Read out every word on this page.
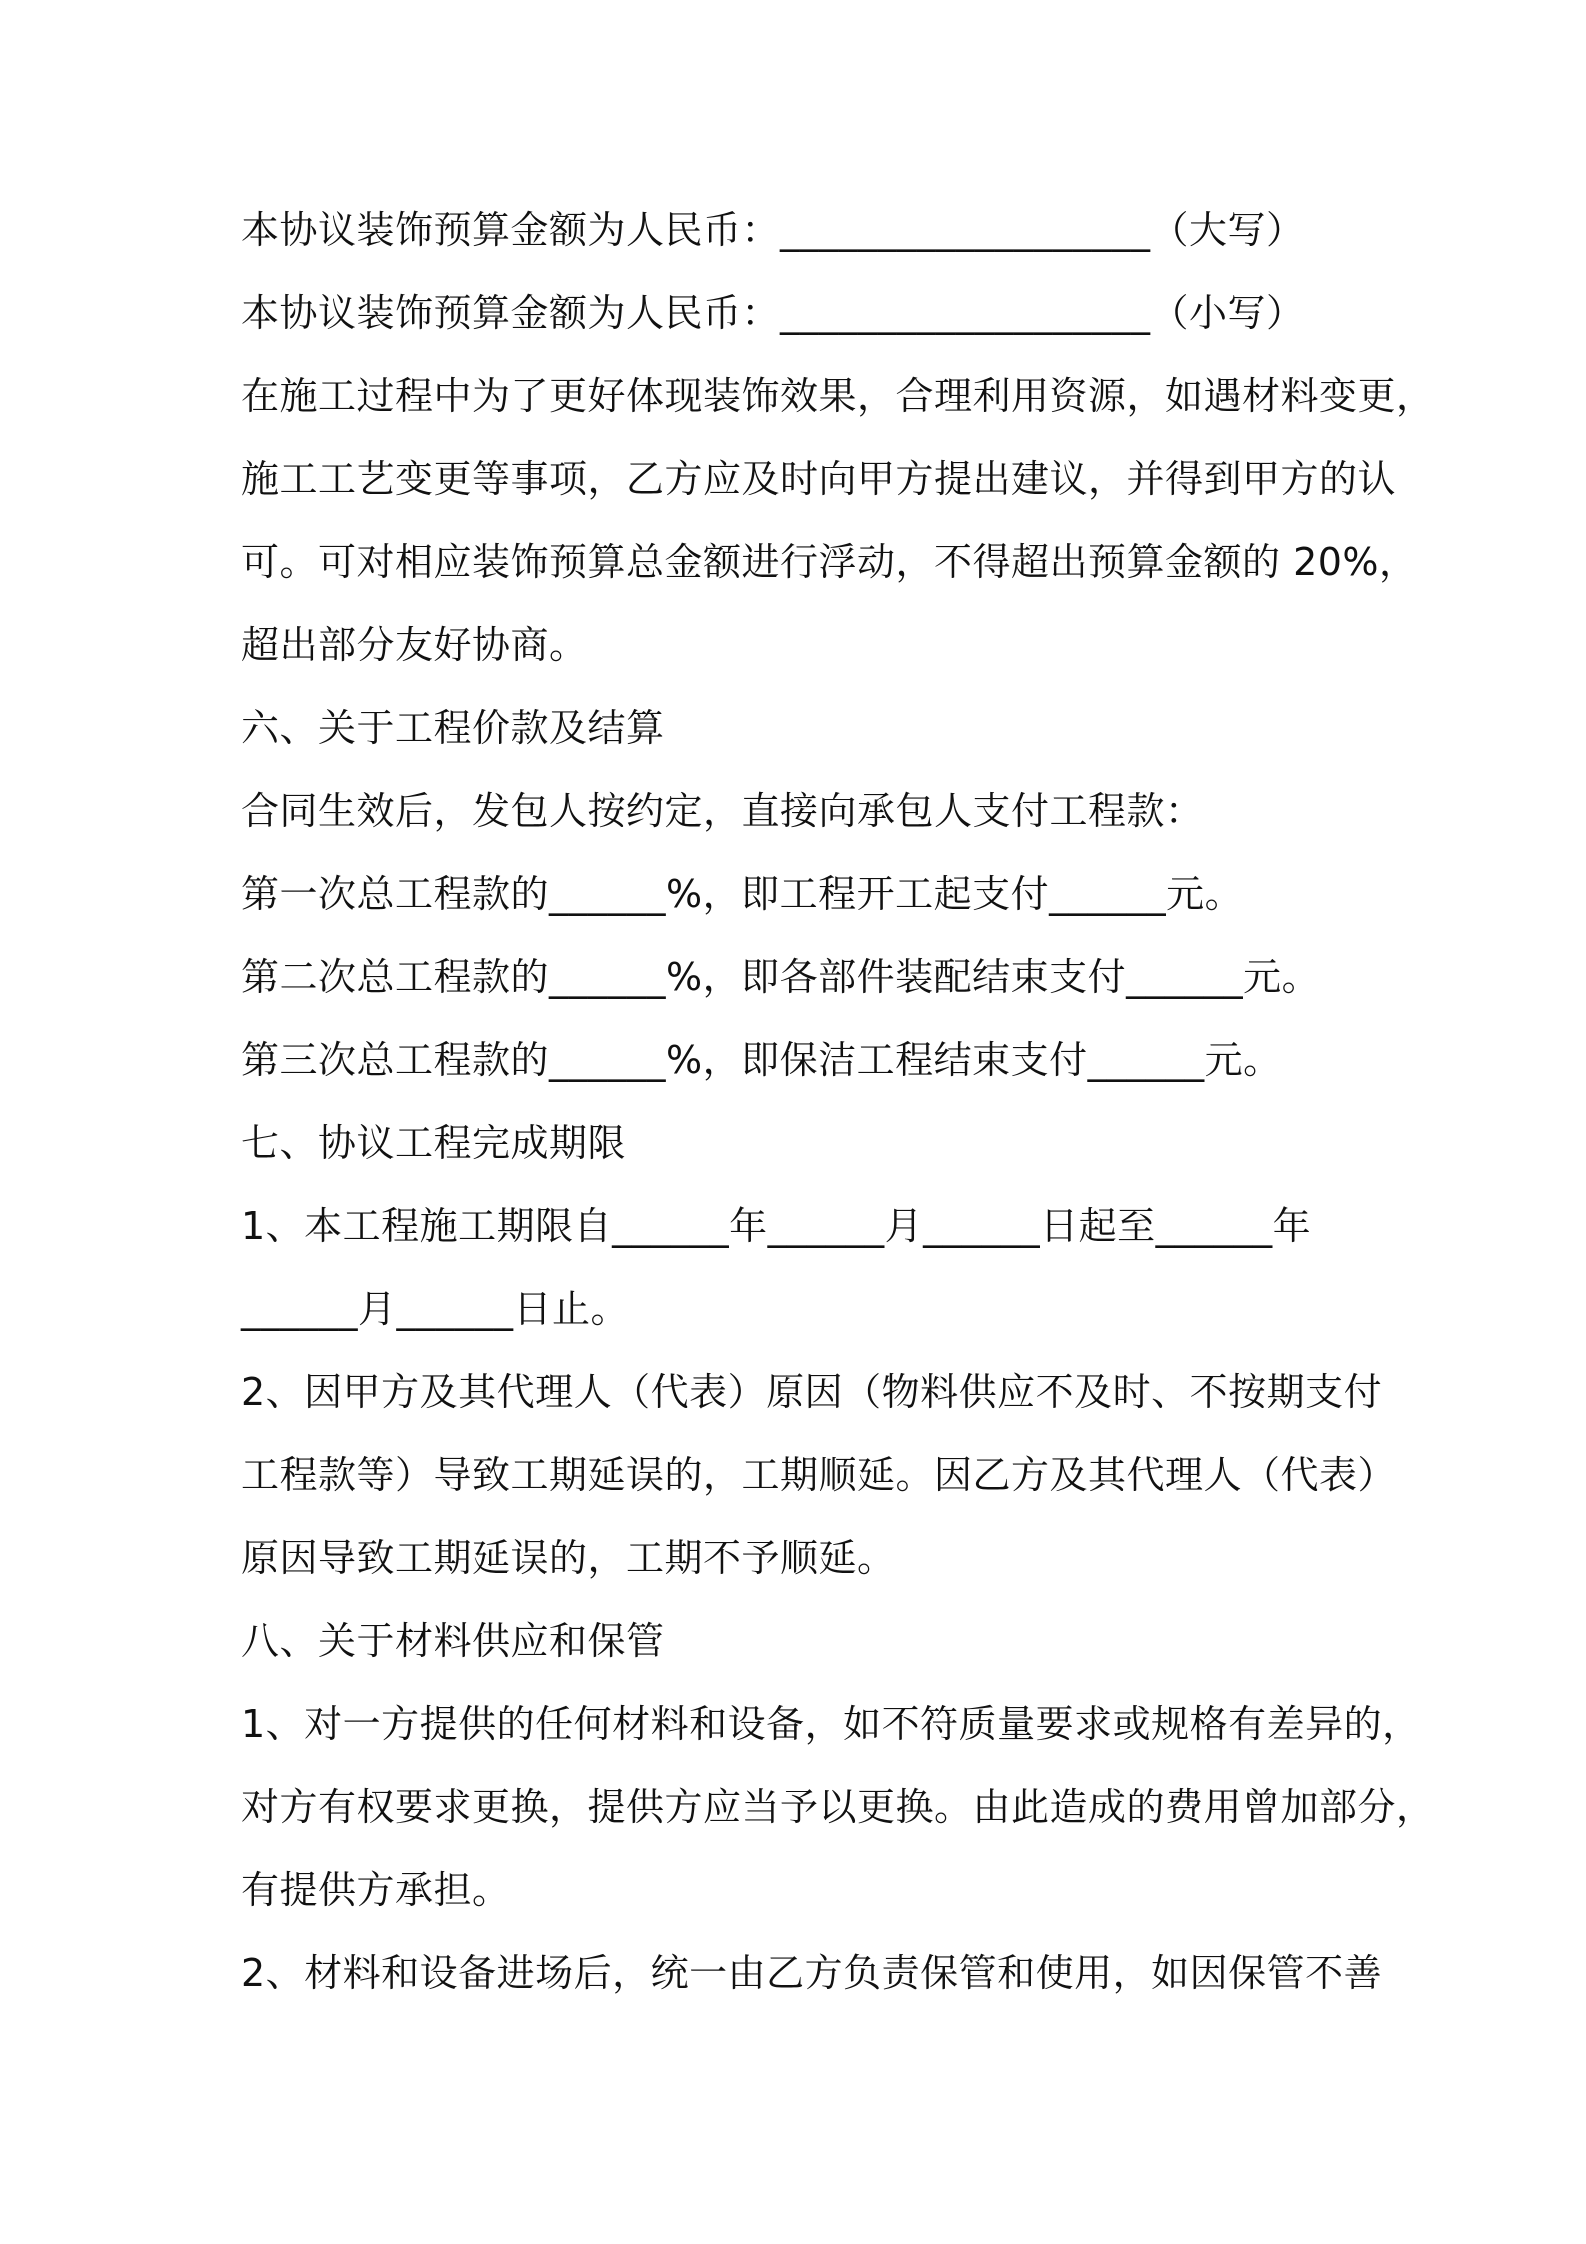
本协议装饰预算金额为人民币：___________________（大写）
本协议装饰预算金额为人民币：___________________（小写）
在施工过程中为了更好体现装饰效果，合理利用资源，如遇材料变更，
施工工艺变更等事项，乙方应及时向甲方提出建议，并得到甲方的认
可。可对相应装饰预算总金额进行浮动，不得超出预算金额的 20%，
超出部分友好协商。
六、关于工程价款及结算
合同生效后，发包人按约定，直接向承包人支付工程款：
第一次总工程款的______%，即工程开工起支付______元。
第二次总工程款的______%，即各部件装配结束支付______元。
第三次总工程款的______%，即保洁工程结束支付______元。
七、协议工程完成期限
1、本工程施工期限自______年______月______日起至______年
______月______日止。
2、因甲方及其代理人（代表）原因（物料供应不及时、不按期支付
工程款等）导致工期延误的，工期顺延。因乙方及其代理人（代表）
原因导致工期延误的，工期不予顺延。
八、关于材料供应和保管
1、对一方提供的任何材料和设备，如不符质量要求或规格有差异的，
对方有权要求更换，提供方应当予以更换。由此造成的费用曾加部分，
有提供方承担。
2、材料和设备进场后，统一由乙方负责保管和使用，如因保管不善
